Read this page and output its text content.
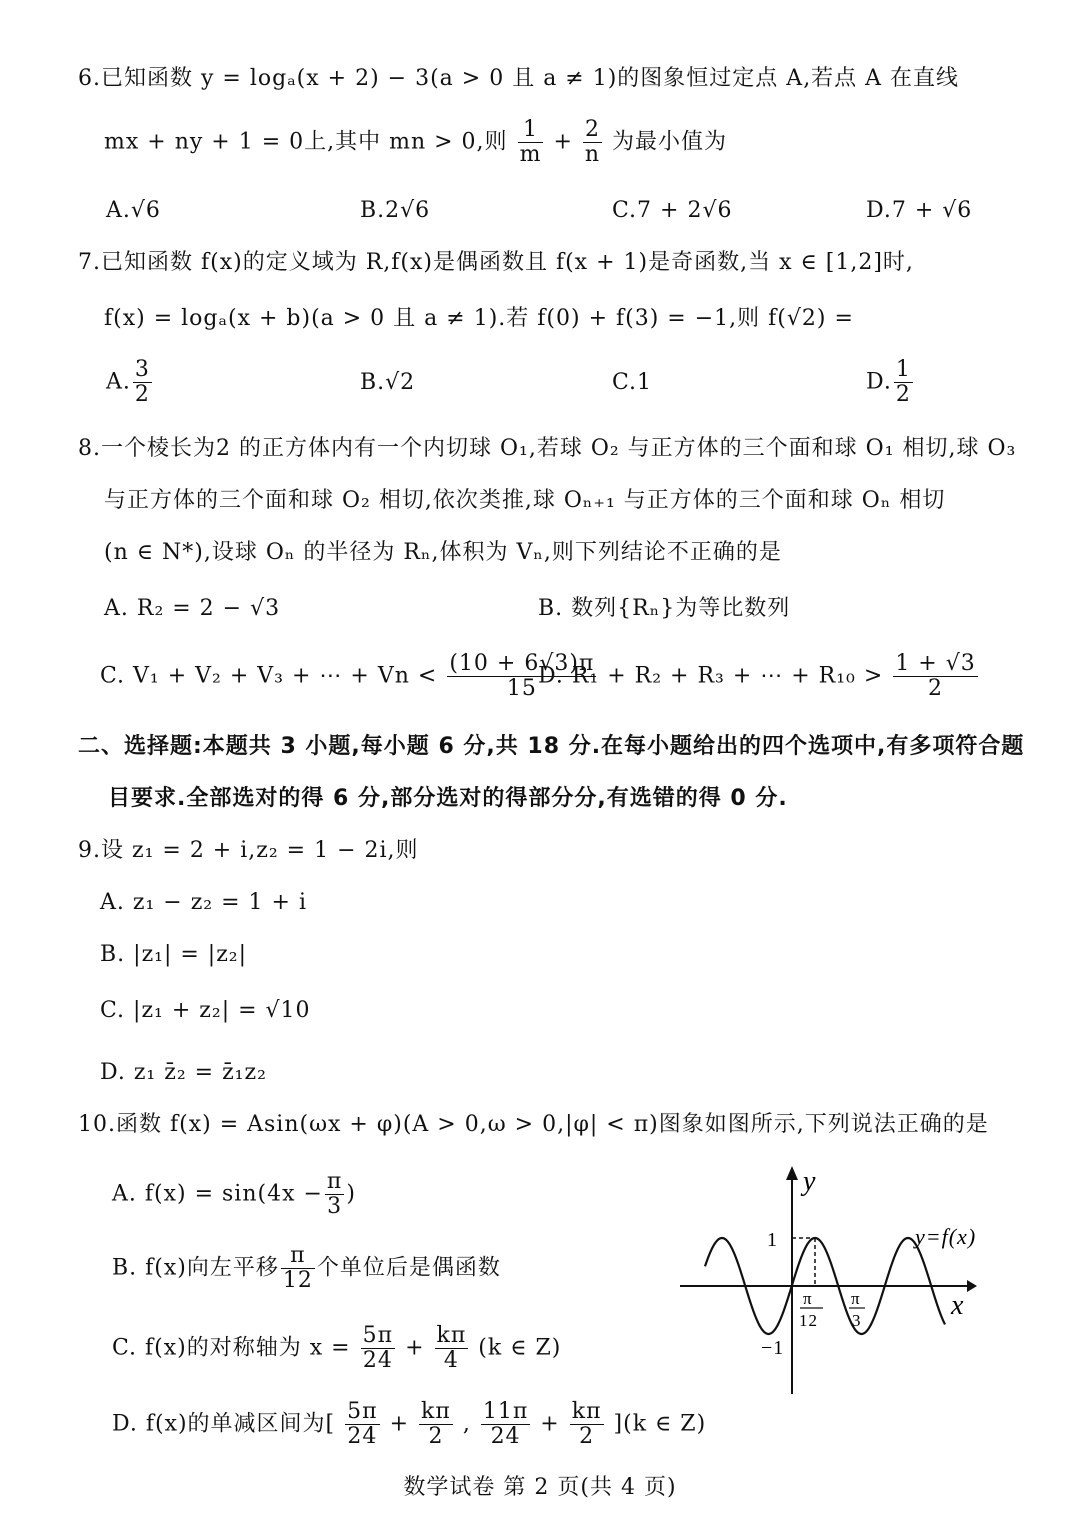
6.已知函数 y = logₐ(x + 2) − 3(a > 0 且 a ≠ 1)的图象恒过定点 A,若点 A 在直线
mx + ny + 1 = 0上,其中 mn > 0,则 $\frac{1}{m} + \frac{2}{n}$ 为最小值为
A.√6	B.2√6	C.7 + 2√6	D.7 + √6
7.已知函数 f(x)的定义域为 R,f(x)是偶函数且 f(x + 1)是奇函数,当 x ∈ [1,2]时,
f(x) = logₐ(x + b)(a > 0 且 a ≠ 1).若 f(0) + f(3) = −1,则 f(√2) =
A. $\frac{3}{2}$	B.√2	C.1	D. $\frac{1}{2}$
8.一个棱长为2 的正方体内有一个内切球 O₁,若球 O₂ 与正方体的三个面和球 O₁ 相切,球 O₃
与正方体的三个面和球 O₂ 相切,依次类推,球 Oₙ₊₁ 与正方体的三个面和球 Oₙ 相切
(n ∈ N*),设球 Oₙ 的半径为 Rₙ,体积为 Vₙ,则下列结论不正确的是
A. R₂ = 2 − √3	B. 数列{Rₙ}为等比数列
C. V₁ + V₂ + V₃ + ⋯ + $Vn < \frac{(10 + 6√3)\pi}{15}$
D. R₁ + R₂ + R₃ + ⋯ + $R_{10} > \frac{1 + √3}{2}$
二、选择题:本题共 3 小题,每小题 6 分,共 18 分.在每小题给出的四个选项中,有多项符合题
目要求.全部选对的得 6 分,部分选对的得部分分,有选错的得 0 分.
9.设 z₁ = 2 + i,z₂ = 1 − 2i,则
A. z₁ − z₂ = 1 + i
B. |z₁| = |z₂|
C. |z₁ + z₂| = √10
D. z₁ z̄₂ = z̄₁z₂
10.函数 f(x) = Asin(ωx + φ)(A > 0,ω > 0,|φ| < π)图象如图所示,下列说法正确的是
A. $f(x) = \sin(4x - \frac{\pi}{3}$ )
B. f(x)向左平移 $\frac{\pi}{12}$ 个单位后是偶函数
C. f(x)的对称轴为 $x = \frac{5\pi}{24} + \frac{k\pi}{4} (k$ ∈ Z)
D. f(x)的单减区间为[ $\frac{5\pi}{24} + \frac{k\pi}{2}$ , $\frac{11\pi}{24} + \frac{k\pi}{2} ](k$ ∈ Z)
y
x
y=f(x)
1
−1
π
12
π
3
数学试卷 第 2 页(共 4 页)
